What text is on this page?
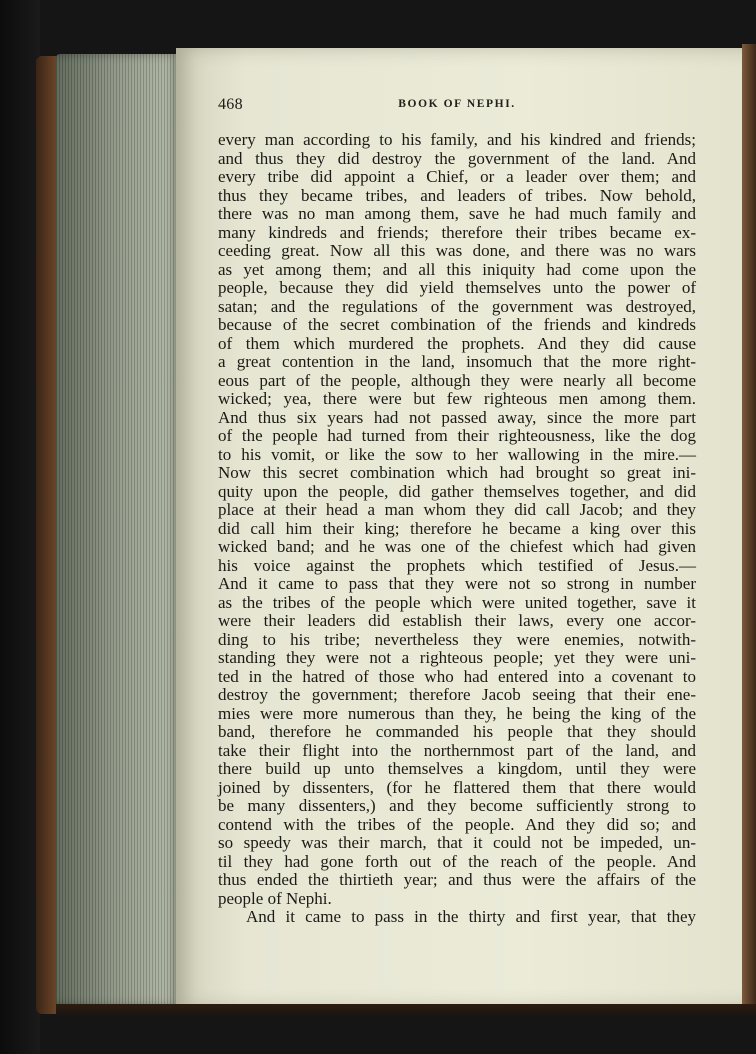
468	BOOK OF NEPHI.
every man according to his family, and his kindred and friends;
and thus they did destroy the government of the land. And
every tribe did appoint a Chief, or a leader over them; and
thus they became tribes, and leaders of tribes. Now behold,
there was no man among them, save he had much family and
many kindreds and friends; therefore their tribes became ex-
ceeding great. Now all this was done, and there was no wars
as yet among them; and all this iniquity had come upon the
people, because they did yield themselves unto the power of
satan; and the regulations of the government was destroyed,
because of the secret combination of the friends and kindreds
of them which murdered the prophets. And they did cause
a great contention in the land, insomuch that the more right-
eous part of the people, although they were nearly all become
wicked; yea, there were but few righteous men among them.
And thus six years had not passed away, since the more part
of the people had turned from their righteousness, like the dog
to his vomit, or like the sow to her wallowing in the mire.—
Now this secret combination which had brought so great ini-
quity upon the people, did gather themselves together, and did
place at their head a man whom they did call Jacob; and they
did call him their king; therefore he became a king over this
wicked band; and he was one of the chiefest which had given
his voice against the prophets which testified of Jesus.—
And it came to pass that they were not so strong in number
as the tribes of the people which were united together, save it
were their leaders did establish their laws, every one accor-
ding to his tribe; nevertheless they were enemies, notwith-
standing they were not a righteous people; yet they were uni-
ted in the hatred of those who had entered into a covenant to
destroy the government; therefore Jacob seeing that their ene-
mies were more numerous than they, he being the king of the
band, therefore he commanded his people that they should
take their flight into the northernmost part of the land, and
there build up unto themselves a kingdom, until they were
joined by dissenters, (for he flattered them that there would
be many dissenters,) and they become sufficiently strong to
contend with the tribes of the people. And they did so; and
so speedy was their march, that it could not be impeded, un-
til they had gone forth out of the reach of the people. And
thus ended the thirtieth year; and thus were the affairs of the
people of Nephi.
And it came to pass in the thirty and first year, that they
